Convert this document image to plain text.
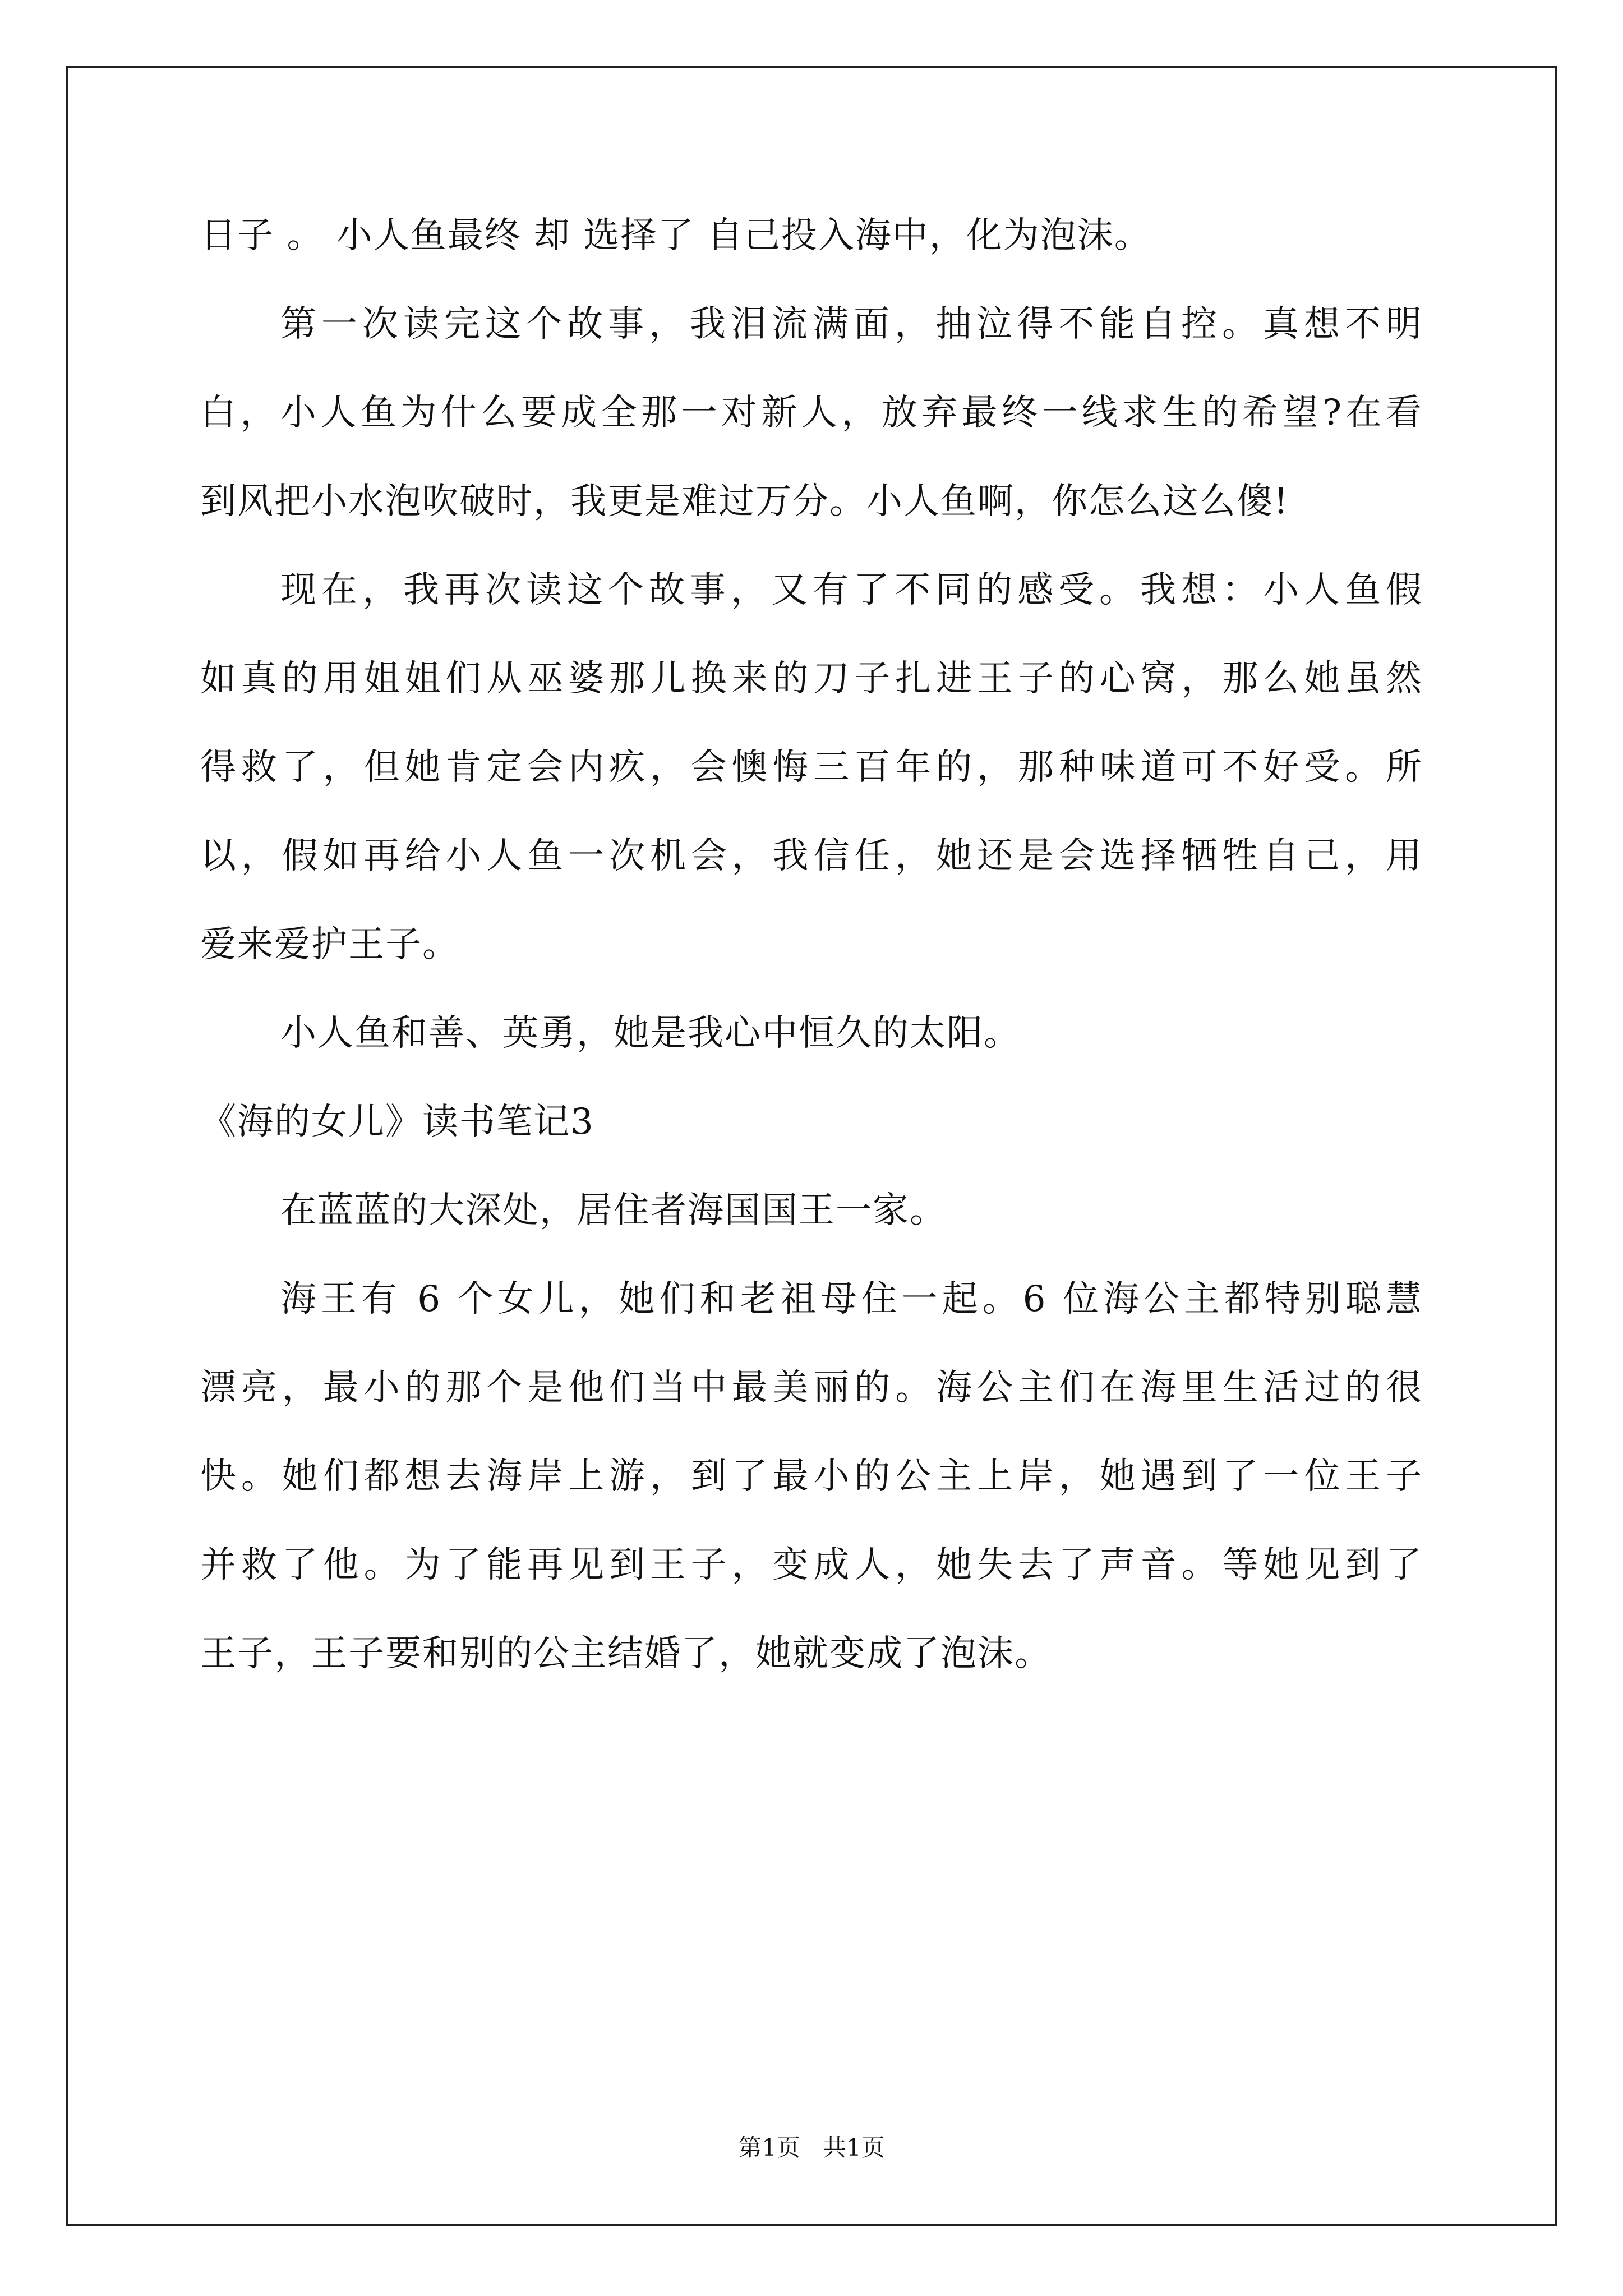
日子 。 小人鱼最终 却 选择了 自己投入海中，化为泡沫。

第一次读完这个故事，我泪流满面，抽泣得不能自控。真想不明

白，小人鱼为什么要成全那一对新人，放弃最终一线求生的希望?在看

到风把小水泡吹破时，我更是难过万分。小人鱼啊，你怎么这么傻!

现在，我再次读这个故事，又有了不同的感受。我想：小人鱼假

如真的用姐姐们从巫婆那儿换来的刀子扎进王子的心窝，那么她虽然

得救了，但她肯定会内疚，会懊悔三百年的，那种味道可不好受。所

以，假如再给小人鱼一次机会，我信任，她还是会选择牺牲自己，用

爱来爱护王子。

小人鱼和善、英勇，她是我心中恒久的太阳。

《海的女儿》读书笔记3

在蓝蓝的大深处，居住者海国国王一家。

海王有 6 个女儿，她们和老祖母住一起。6 位海公主都特别聪慧

漂亮，最小的那个是他们当中最美丽的。海公主们在海里生活过的很

快。她们都想去海岸上游，到了最小的公主上岸，她遇到了一位王子

并救了他。为了能再见到王子，变成人，她失去了声音。等她见到了

王子，王子要和别的公主结婚了，她就变成了泡沫。

第1页   共1页
